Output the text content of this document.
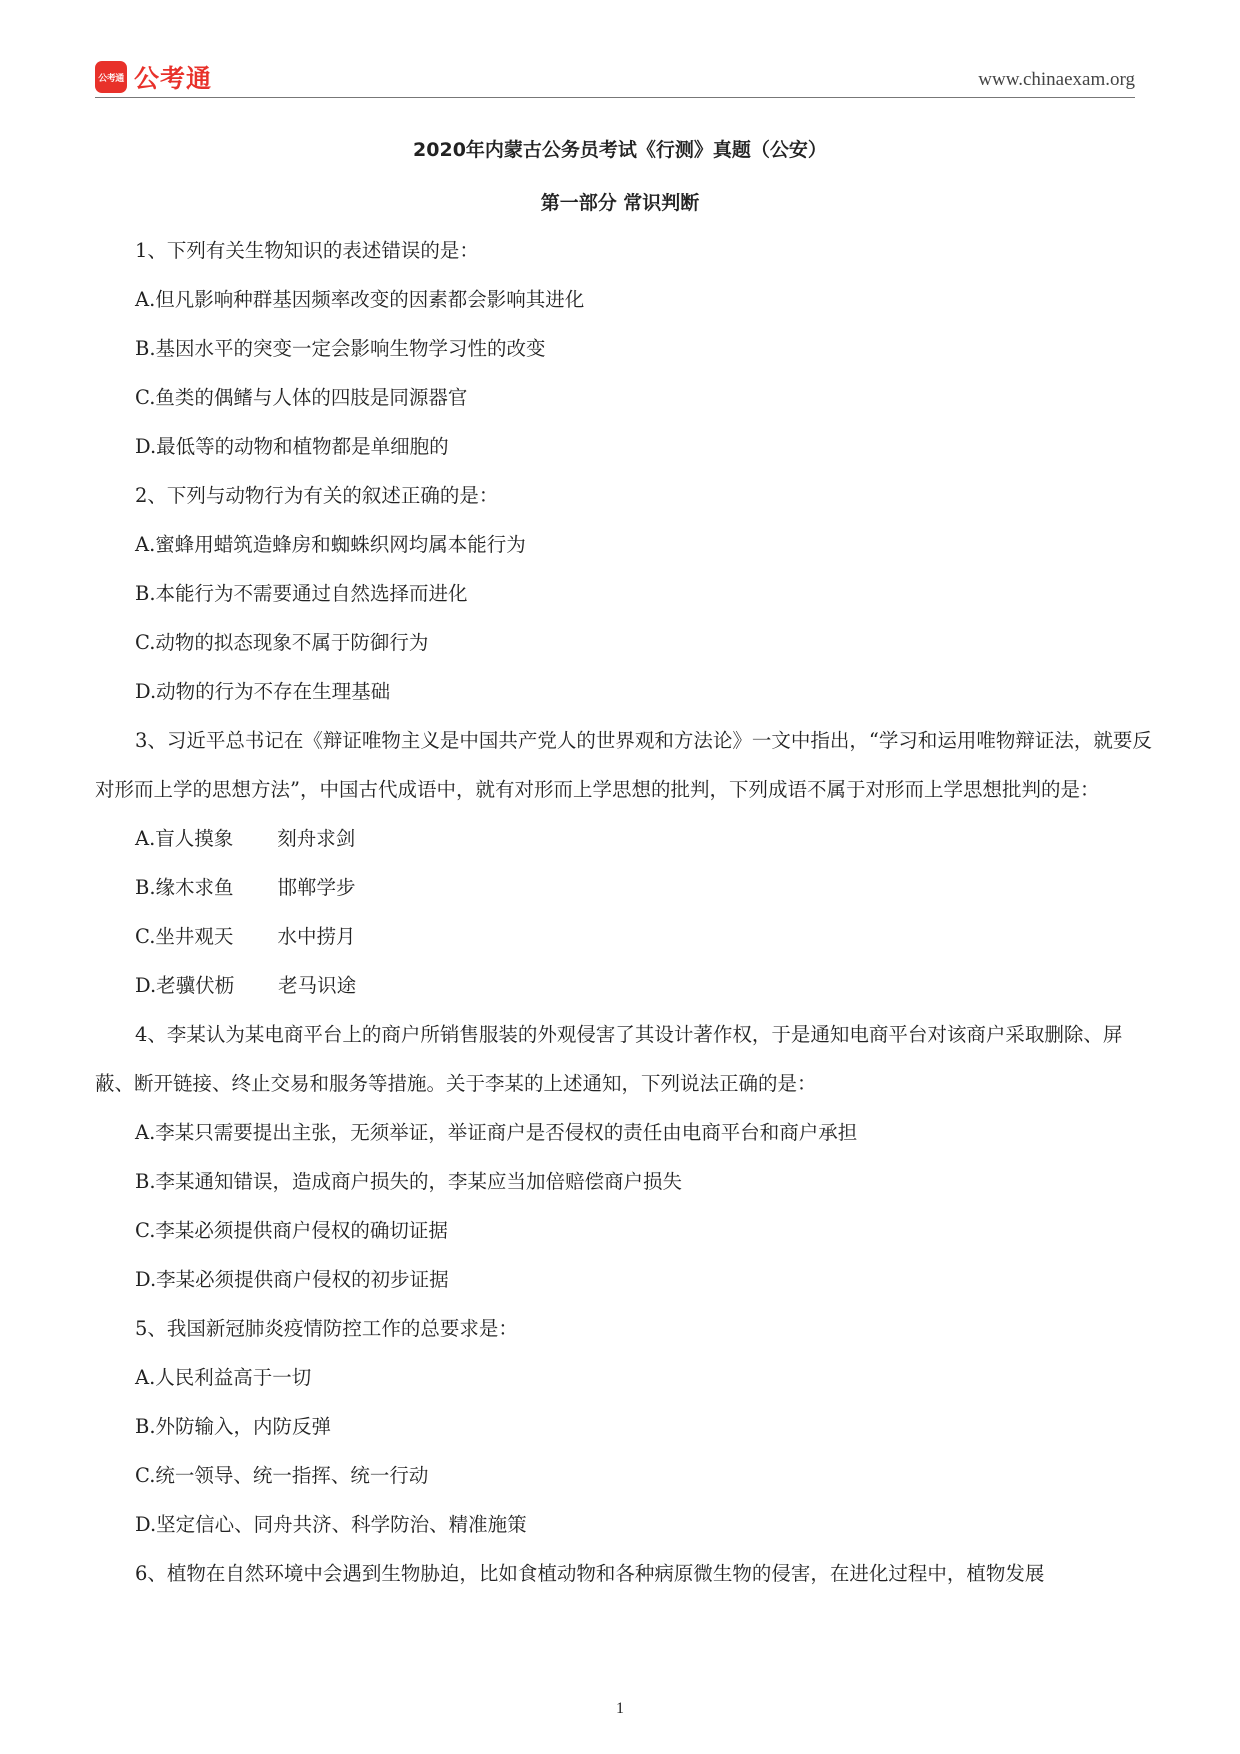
公考通 公考通	www.chinaexam.org
2020年内蒙古公务员考试《行测》真题（公安）
第一部分 常识判断

1、下列有关生物知识的表述错误的是：

A.但凡影响种群基因频率改变的因素都会影响其进化

B.基因水平的突变一定会影响生物学习性的改变

C.鱼类的偶鳍与人体的四肢是同源器官

D.最低等的动物和植物都是单细胞的

2、下列与动物行为有关的叙述正确的是：

A.蜜蜂用蜡筑造蜂房和蜘蛛织网均属本能行为

B.本能行为不需要通过自然选择而进化

C.动物的拟态现象不属于防御行为

D.动物的行为不存在生理基础

3、习近平总书记在《辩证唯物主义是中国共产党人的世界观和方法论》一文中指出，“学习和运用唯物辩证法，就要反对形而上学的思想方法”，中国古代成语中，就有对形而上学思想的批判，下列成语不属于对形而上学思想批判的是：

A.盲人摸象 刻舟求剑

B.缘木求鱼 邯郸学步

C.坐井观天 水中捞月

D.老骥伏枥 老马识途

4、李某认为某电商平台上的商户所销售服装的外观侵害了其设计著作权，于是通知电商平台对该商户采取删除、屏蔽、断开链接、终止交易和服务等措施。关于李某的上述通知，下列说法正确的是：

A.李某只需要提出主张，无须举证，举证商户是否侵权的责任由电商平台和商户承担

B.李某通知错误，造成商户损失的，李某应当加倍赔偿商户损失

C.李某必须提供商户侵权的确切证据

D.李某必须提供商户侵权的初步证据

5、我国新冠肺炎疫情防控工作的总要求是：

A.人民利益高于一切

B.外防输入，内防反弹

C.统一领导、统一指挥、统一行动

D.坚定信心、同舟共济、科学防治、精准施策

6、植物在自然环境中会遇到生物胁迫，比如食植动物和各种病原微生物的侵害，在进化过程中，植物发展

1
